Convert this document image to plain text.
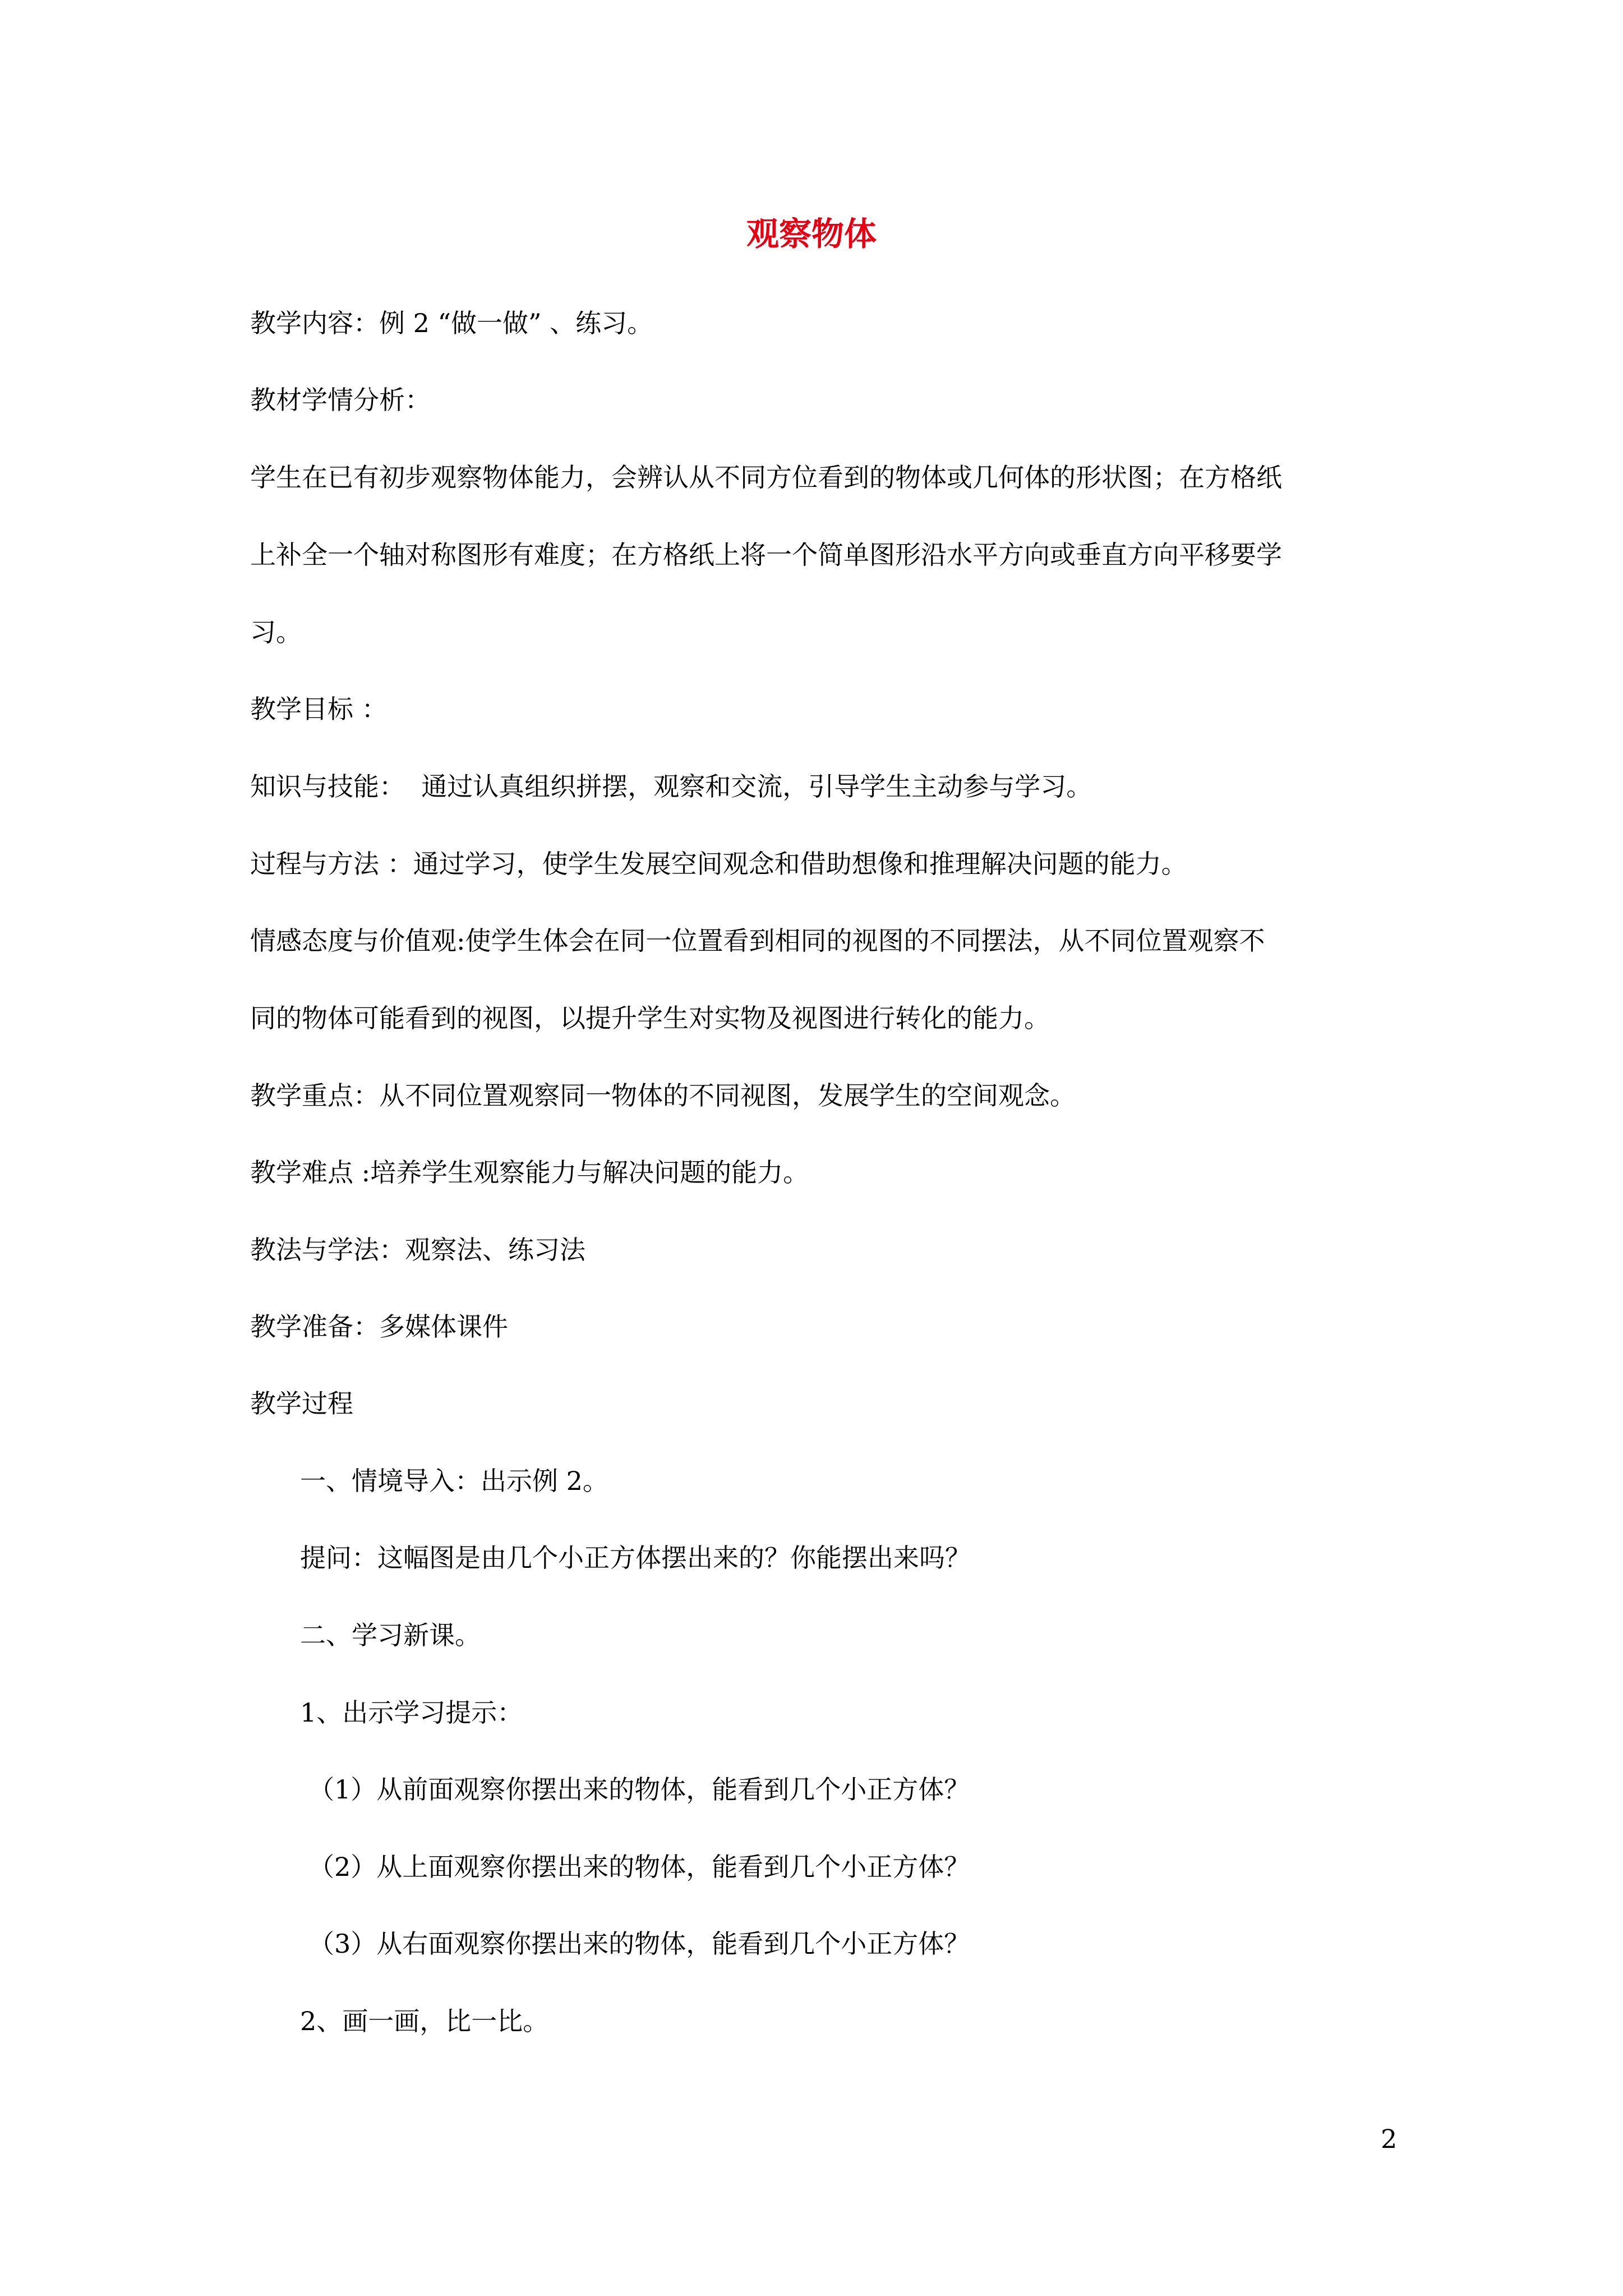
观察物体

教学内容：例 2 “做一做” 、练习。

教材学情分析：

学生在已有初步观察物体能力，会辨认从不同方位看到的物体或几何体的形状图；在方格纸

上补全一个轴对称图形有难度；在方格纸上将一个简单图形沿水平方向或垂直方向平移要学

习。

教学目标 ：

知识与技能：  通过认真组织拼摆，观察和交流，引导学生主动参与学习。

过程与方法 ：通过学习，使学生发展空间观念和借助想像和推理解决问题的能力。

情感态度与价值观:使学生体会在同一位置看到相同的视图的不同摆法，从不同位置观察不

同的物体可能看到的视图，以提升学生对实物及视图进行转化的能力。

教学重点：从不同位置观察同一物体的不同视图，发展学生的空间观念。

教学难点 :培养学生观察能力与解决问题的能力。

教法与学法：观察法、练习法

教学准备：多媒体课件

教学过程

一、情境导入：出示例 2。

提问：这幅图是由几个小正方体摆出来的？你能摆出来吗？

二、学习新课。

1、出示学习提示：

（1）从前面观察你摆出来的物体，能看到几个小正方体？

（2）从上面观察你摆出来的物体，能看到几个小正方体？

（3）从右面观察你摆出来的物体，能看到几个小正方体？

2、画一画，比一比。

2
